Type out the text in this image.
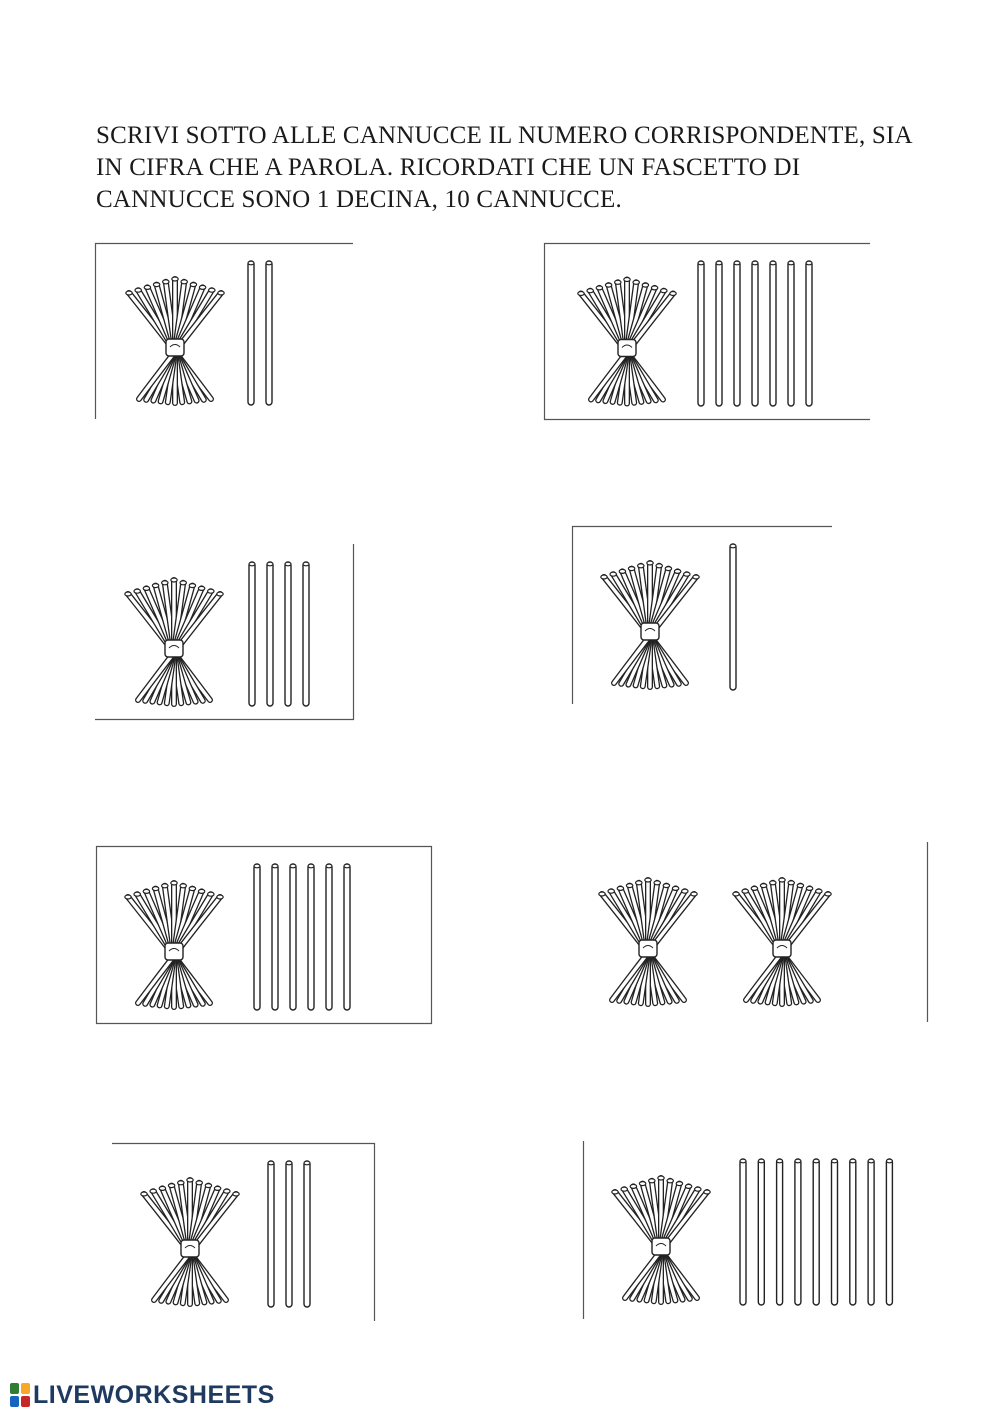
SCRIVI SOTTO ALLE CANNUCCE IL NUMERO CORRISPONDENTE, SIA
IN CIFRA CHE A PAROLA. RICORDATI CHE UN FASCETTO DI
CANNUCCE SONO 1 DECINA, 10 CANNUCCE.

LIVEWORKSHEETS
